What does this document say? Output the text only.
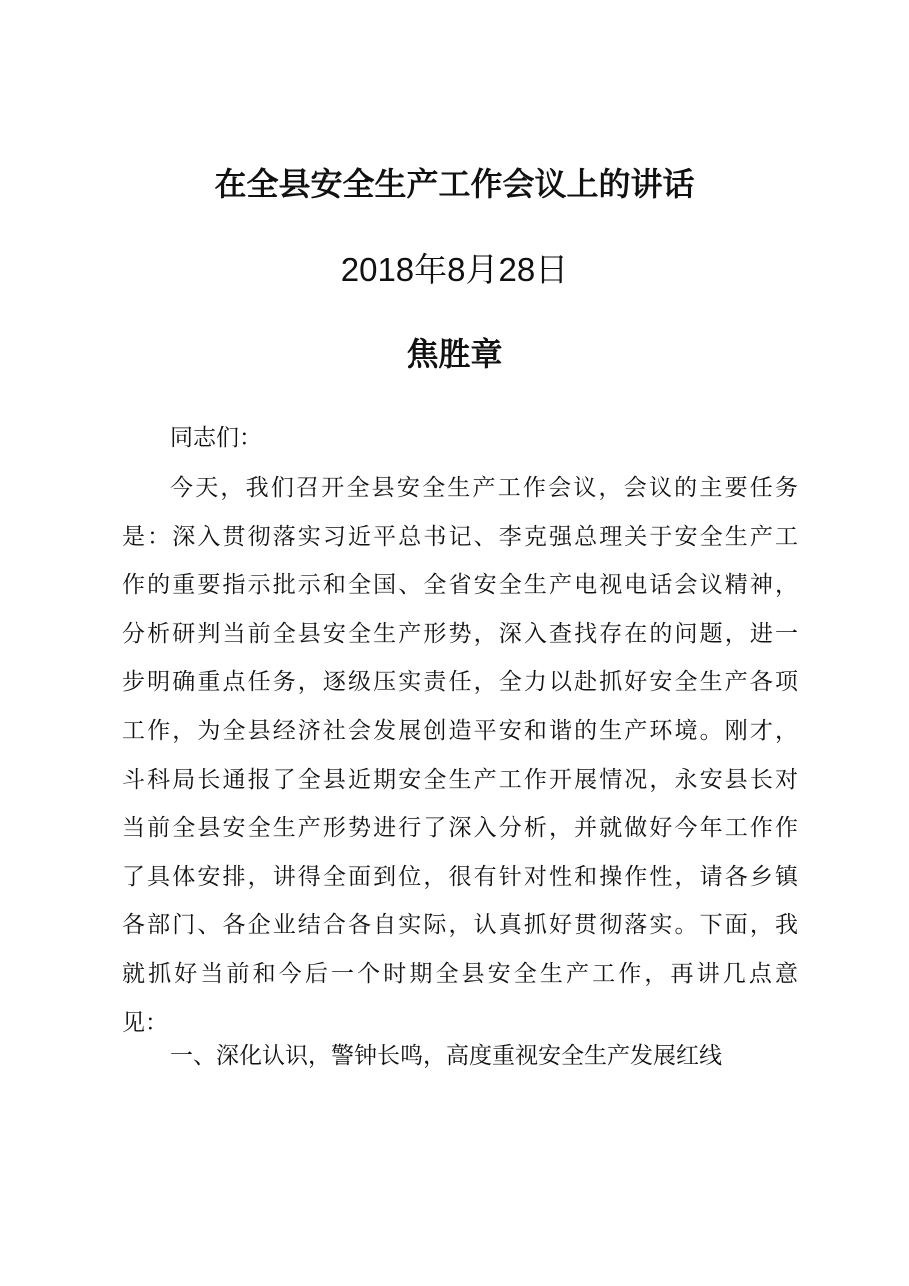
在全县安全生产工作会议上的讲话
2018年8月28日
焦胜章
同志们：
今天，我们召开全县安全生产工作会议，会议的主要任务
是：深入贯彻落实习近平总书记、李克强总理关于安全生产工
作的重要指示批示和全国、全省安全生产电视电话会议精神，
分析研判当前全县安全生产形势，深入查找存在的问题，进一
步明确重点任务，逐级压实责任，全力以赴抓好安全生产各项
工作，为全县经济社会发展创造平安和谐的生产环境。刚才，
斗科局长通报了全县近期安全生产工作开展情况，永安县长对
当前全县安全生产形势进行了深入分析，并就做好今年工作作
了具体安排，讲得全面到位，很有针对性和操作性，请各乡镇
各部门、各企业结合各自实际，认真抓好贯彻落实。下面，我
就抓好当前和今后一个时期全县安全生产工作，再讲几点意
见：
一、深化认识，警钟长鸣，高度重视安全生产发展红线
